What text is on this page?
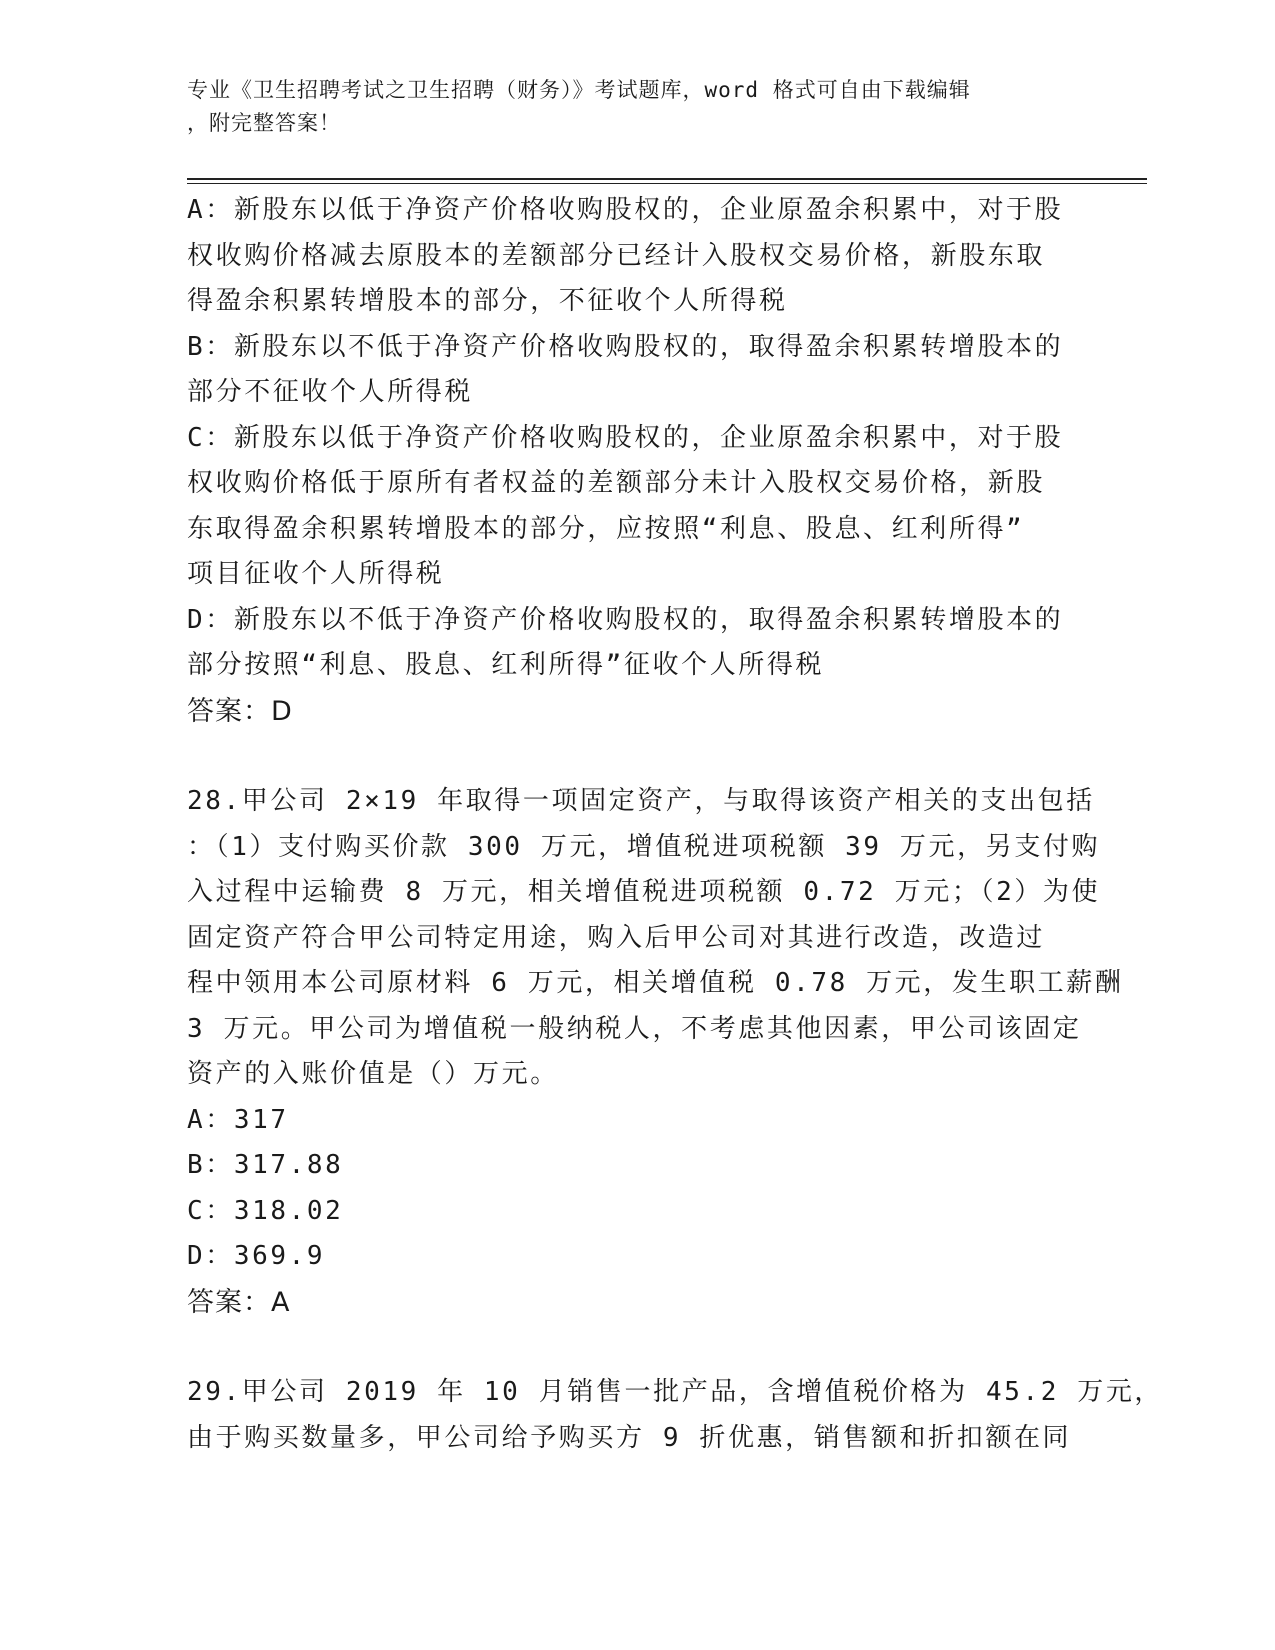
专业《卫生招聘考试之卫生招聘（财务）》考试题库，word 格式可自由下载编辑
，附完整答案！
A：新股东以低于净资产价格收购股权的，企业原盈余积累中，对于股
权收购价格减去原股本的差额部分已经计入股权交易价格，新股东取
得盈余积累转增股本的部分，不征收个人所得税
B：新股东以不低于净资产价格收购股权的，取得盈余积累转增股本的
部分不征收个人所得税
C：新股东以低于净资产价格收购股权的，企业原盈余积累中，对于股
权收购价格低于原所有者权益的差额部分未计入股权交易价格，新股
东取得盈余积累转增股本的部分，应按照“利息、股息、红利所得”
项目征收个人所得税
D：新股东以不低于净资产价格收购股权的，取得盈余积累转增股本的
部分按照“利息、股息、红利所得”征收个人所得税
答案：D
28.甲公司 2×19 年取得一项固定资产，与取得该资产相关的支出包括
：（1）支付购买价款 300 万元，增值税进项税额 39 万元，另支付购
入过程中运输费 8 万元，相关增值税进项税额 0.72 万元；（2）为使
固定资产符合甲公司特定用途，购入后甲公司对其进行改造，改造过
程中领用本公司原材料 6 万元，相关增值税 0.78 万元，发生职工薪酬
3 万元。甲公司为增值税一般纳税人，不考虑其他因素，甲公司该固定
资产的入账价值是（）万元。
A：317
B：317.88
C：318.02
D：369.9
答案：A
29.甲公司 2019 年 10 月销售一批产品，含增值税价格为 45.2 万元，
由于购买数量多，甲公司给予购买方 9 折优惠，销售额和折扣额在同
